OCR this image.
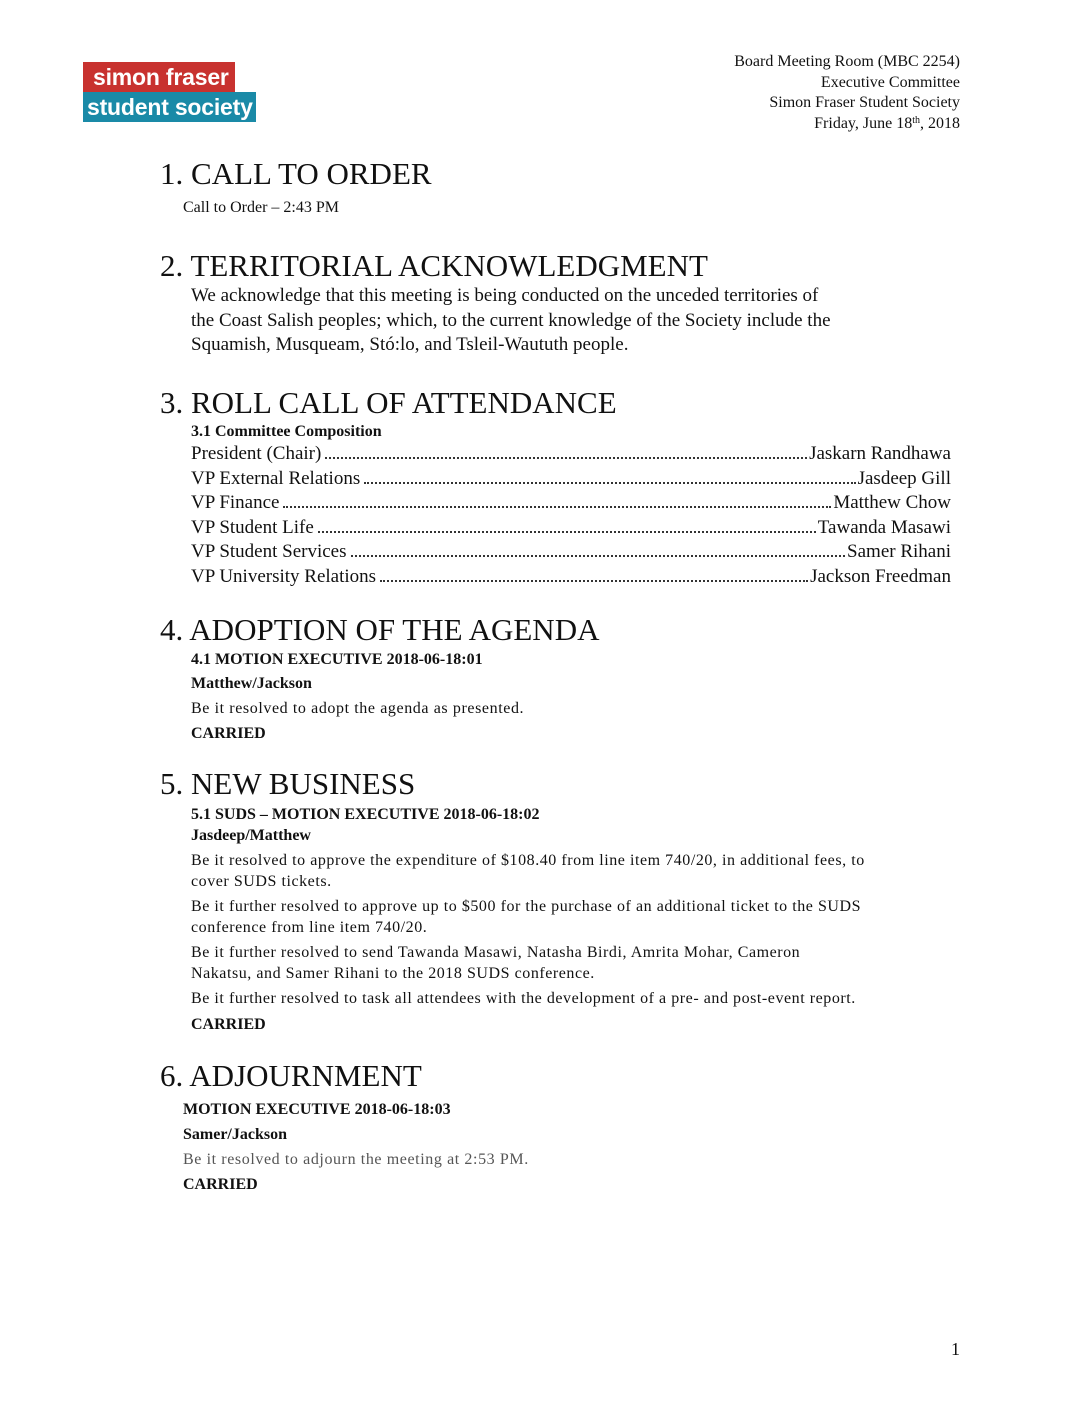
simon fraser
student society
Board Meeting Room (MBC 2254)
Executive Committee
Simon Fraser Student Society
Friday, June 18th, 2018
1. CALL TO ORDER
Call to Order – 2:43 PM
2. TERRITORIAL ACKNOWLEDGMENT
We acknowledge that this meeting is being conducted on the unceded territories of
the Coast Salish peoples; which, to the current knowledge of the Society include the
Squamish, Musqueam, Stó:lo, and Tsleil-Waututh people.
3. ROLL CALL OF ATTENDANCE
3.1 Committee Composition
President (Chair)	Jaskarn Randhawa
VP External Relations	Jasdeep Gill
VP Finance	Matthew Chow
VP Student Life	Tawanda Masawi
VP Student Services	Samer Rihani
VP University Relations	Jackson Freedman
4. ADOPTION OF THE AGENDA
4.1 MOTION EXECUTIVE 2018-06-18:01
Matthew/Jackson
Be it resolved to adopt the agenda as presented.
CARRIED
5. NEW BUSINESS
5.1 SUDS – MOTION EXECUTIVE 2018-06-18:02
Jasdeep/Matthew
Be it resolved to approve the expenditure of $108.40 from line item 740/20, in additional fees, to
cover SUDS tickets.
Be it further resolved to approve up to $500 for the purchase of an additional ticket to the SUDS
conference from line item 740/20.
Be it further resolved to send Tawanda Masawi, Natasha Birdi, Amrita Mohar, Cameron
Nakatsu, and Samer Rihani to the 2018 SUDS conference.
Be it further resolved to task all attendees with the development of a pre- and post-event report.
CARRIED
6. ADJOURNMENT
MOTION EXECUTIVE 2018-06-18:03
Samer/Jackson
Be it resolved to adjourn the meeting at 2:53 PM.
CARRIED
1
